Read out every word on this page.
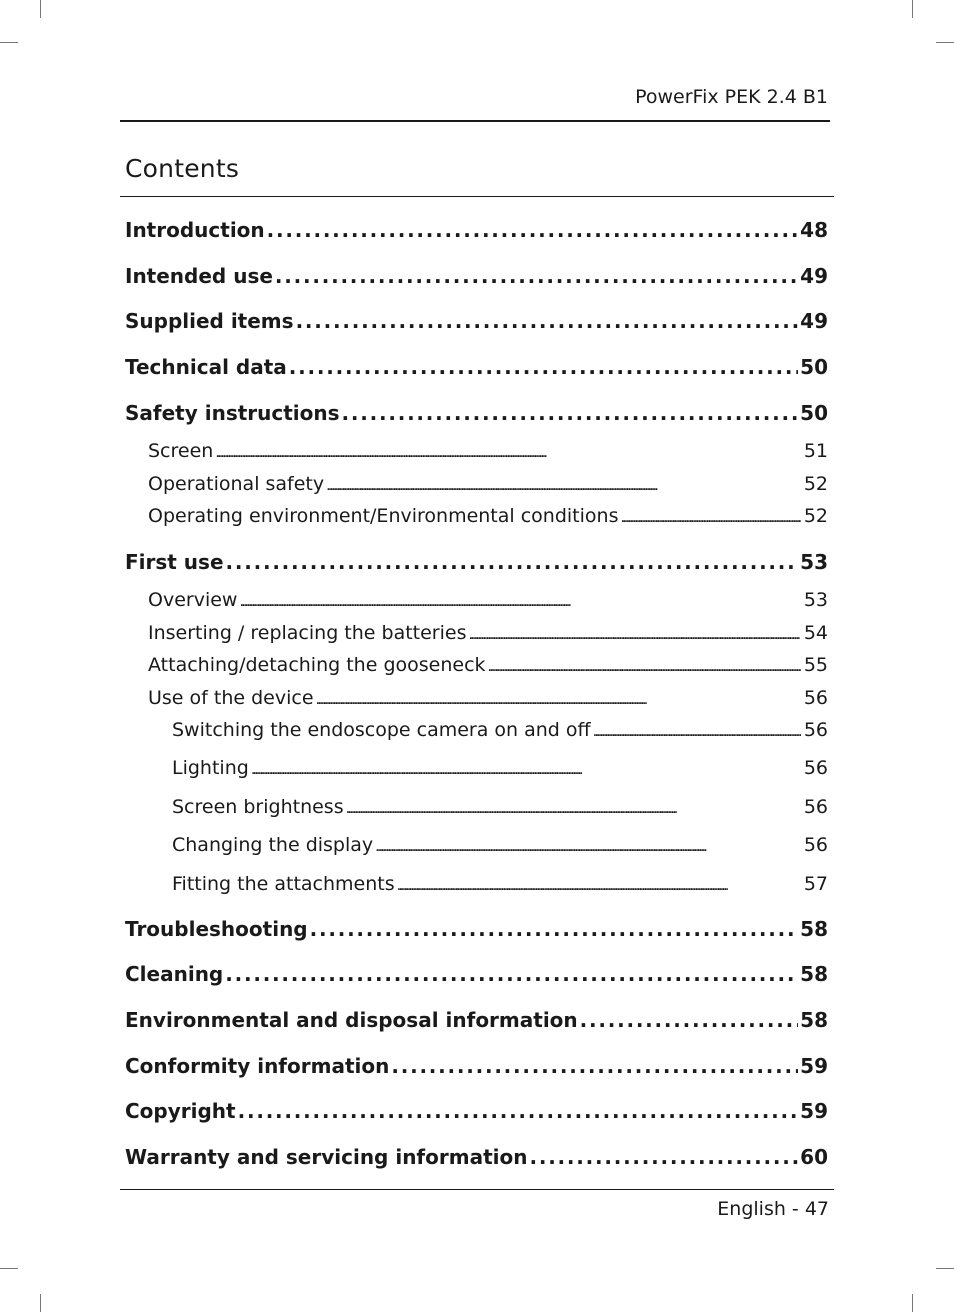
PowerFix PEK 2.4 B1
Contents
Introduction . . .	48
Intended use . . .	49
Supplied items . . .	49
Technical data . . .	50
Safety instructions . . .	50
Screen . . .	51
Operational safety . . .	52
Operating environment/Environmental conditions . . .	52
First use . . .	53
Overview . . .	53
Inserting / replacing the batteries . . .	54
Attaching/detaching the gooseneck . . .	55
Use of the device . . .	56
Switching the endoscope camera on and off . . .	56
Lighting . . .	56
Screen brightness . . .	56
Changing the display . . .	56
Fitting the attachments . . .	57
Troubleshooting . . .	58
Cleaning . . .	58
Environmental and disposal information . . .	58
Conformity information . . .	59
Copyright . . .	59
Warranty and servicing information . . .	60
English - 47
